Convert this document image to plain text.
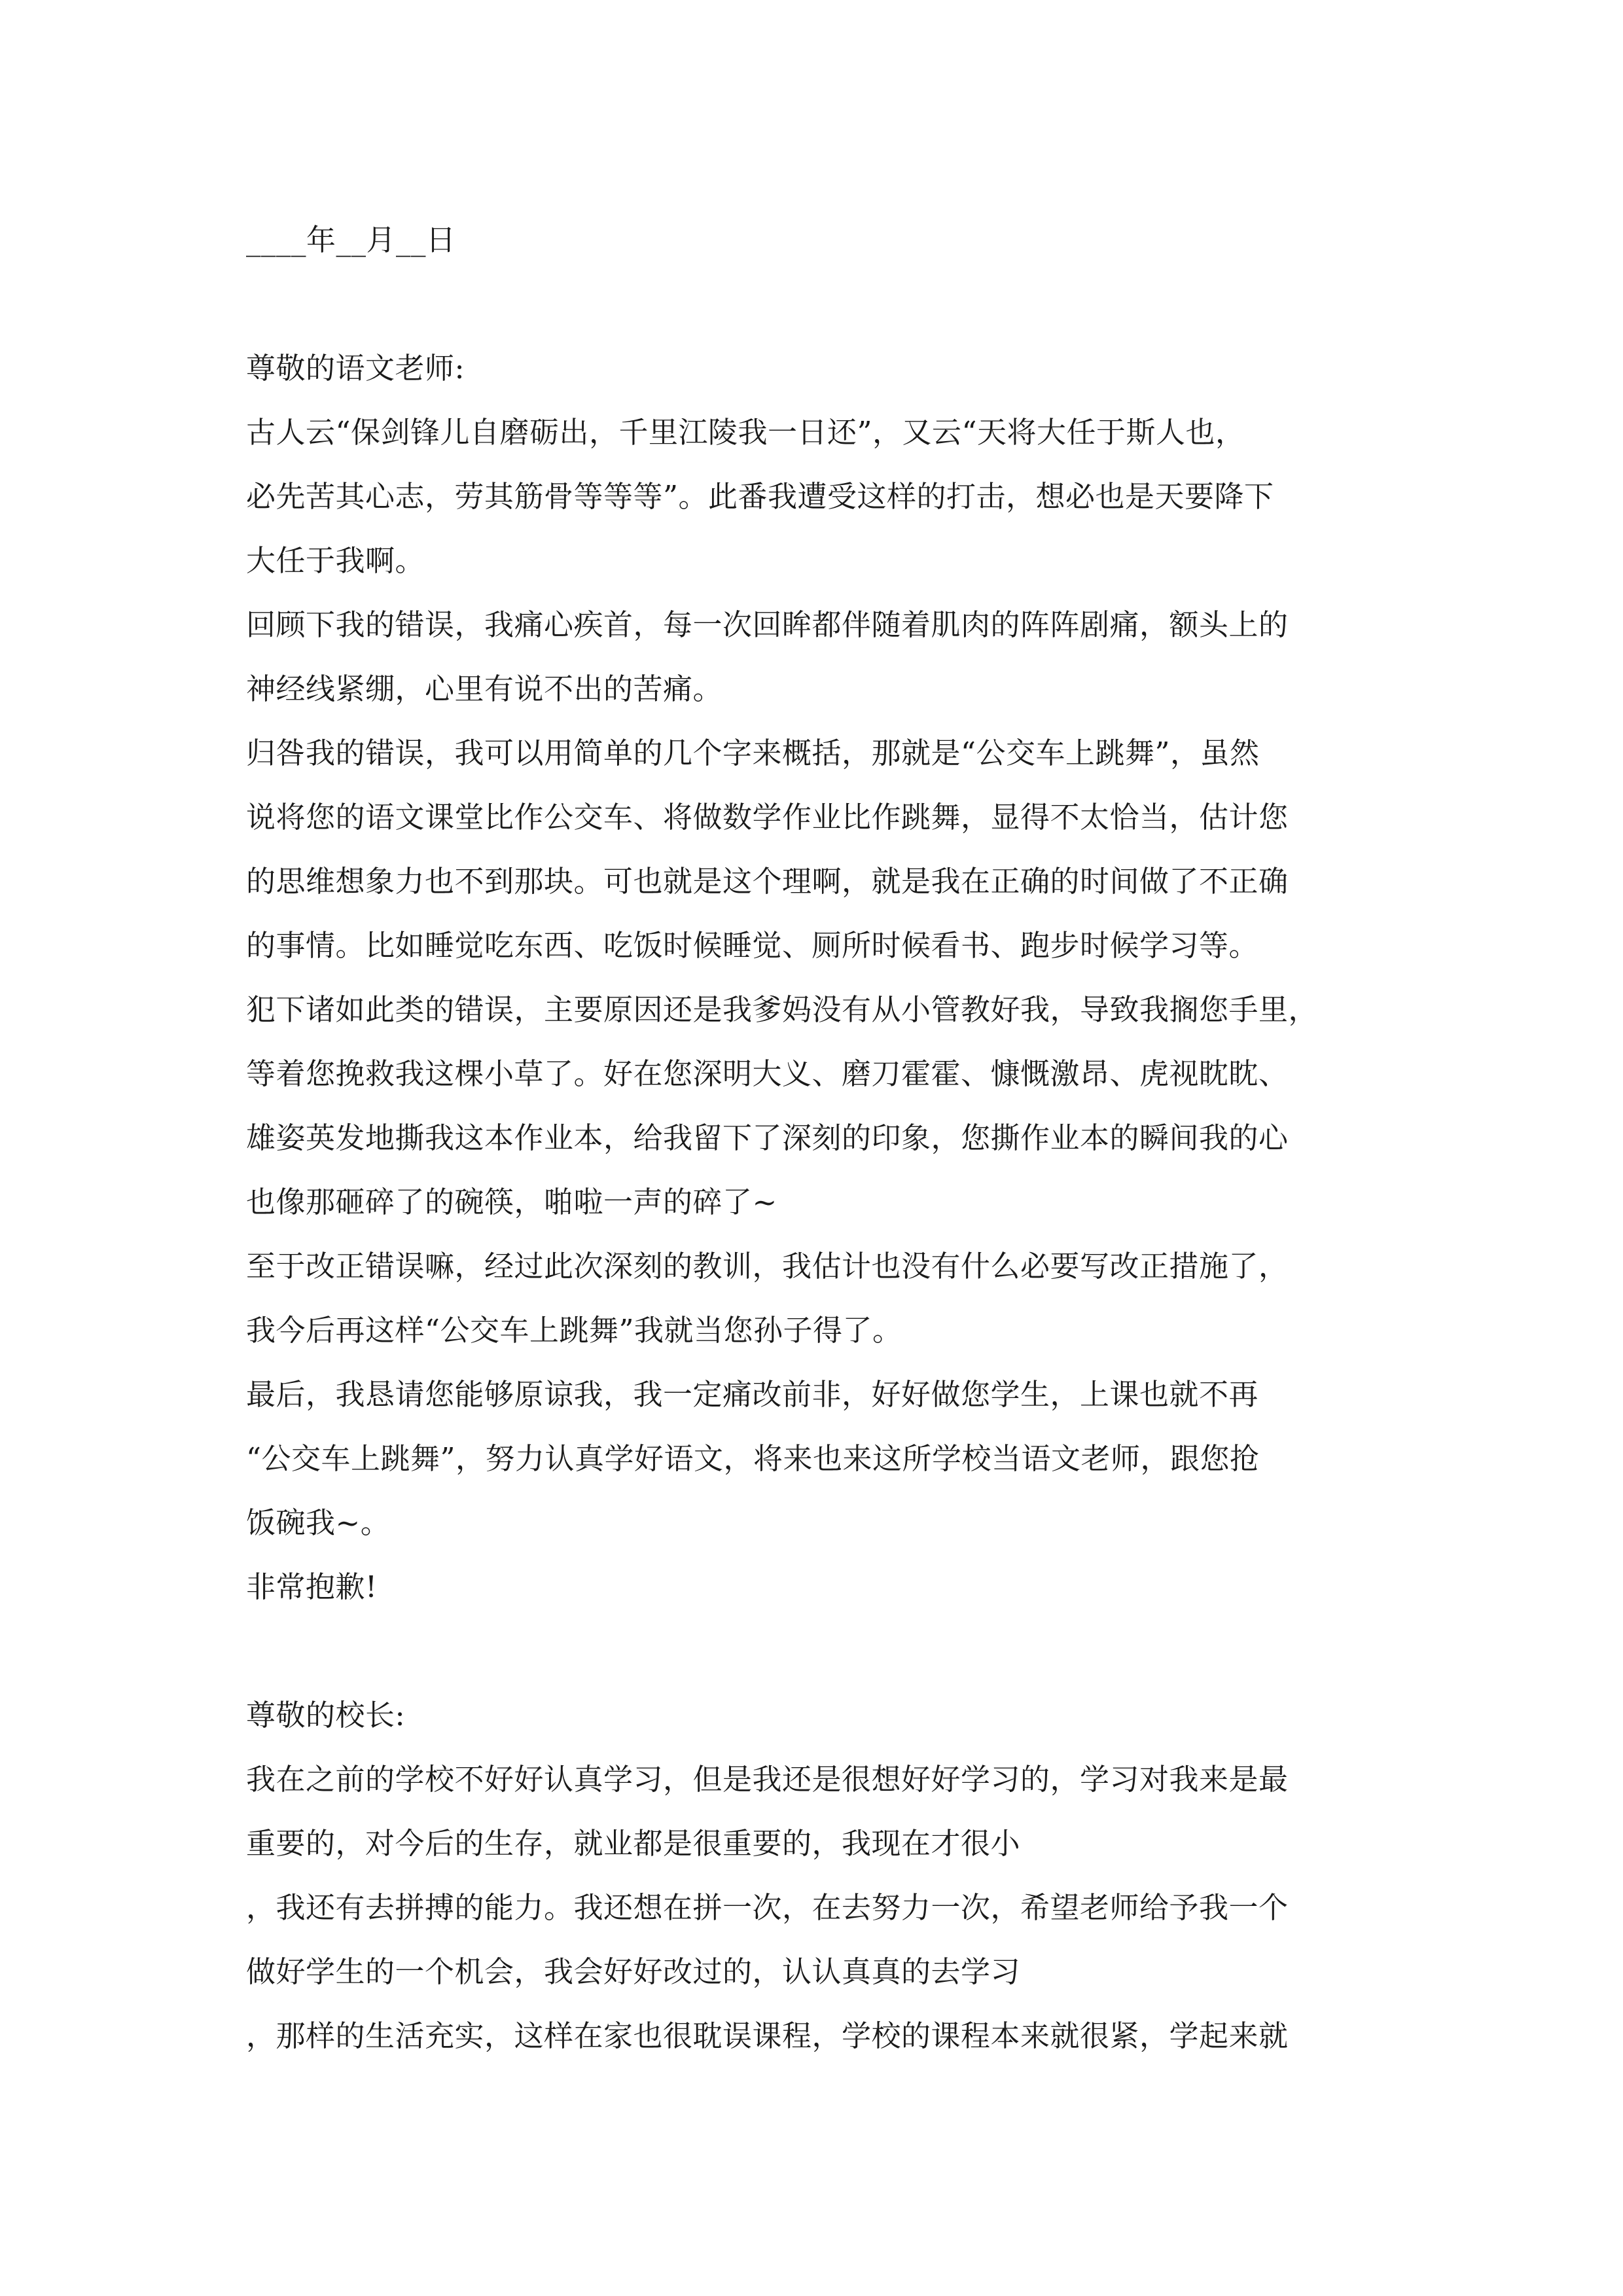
____年__月__日
尊敬的语文老师:
古人云“保剑锋儿自磨砺出，千里江陵我一日还”，又云“天将大任于斯人也，
必先苦其心志，劳其筋骨等等等”。此番我遭受这样的打击，想必也是天要降下
大任于我啊。
回顾下我的错误，我痛心疾首，每一次回眸都伴随着肌肉的阵阵剧痛，额头上的
神经线紧绷，心里有说不出的苦痛。
归咎我的错误，我可以用简单的几个字来概括，那就是“公交车上跳舞”，虽然
说将您的语文课堂比作公交车、将做数学作业比作跳舞，显得不太恰当，估计您
的思维想象力也不到那块。可也就是这个理啊，就是我在正确的时间做了不正确
的事情。比如睡觉吃东西、吃饭时候睡觉、厕所时候看书、跑步时候学习等。
犯下诸如此类的错误，主要原因还是我爹妈没有从小管教好我，导致我搁您手里，
等着您挽救我这棵小草了。好在您深明大义、磨刀霍霍、慷慨激昂、虎视眈眈、
雄姿英发地撕我这本作业本，给我留下了深刻的印象，您撕作业本的瞬间我的心
也像那砸碎了的碗筷，啪啦一声的碎了~
至于改正错误嘛，经过此次深刻的教训，我估计也没有什么必要写改正措施了，
我今后再这样“公交车上跳舞”我就当您孙子得了。
最后，我恳请您能够原谅我，我一定痛改前非，好好做您学生，上课也就不再
“公交车上跳舞”，努力认真学好语文，将来也来这所学校当语文老师，跟您抢
饭碗我~。
非常抱歉!
尊敬的校长:
我在之前的学校不好好认真学习，但是我还是很想好好学习的，学习对我来是最
重要的，对今后的生存，就业都是很重要的，我现在才很小
，我还有去拼搏的能力。我还想在拼一次，在去努力一次，希望老师给予我一个
做好学生的一个机会，我会好好改过的，认认真真的去学习
，那样的生活充实，这样在家也很耽误课程，学校的课程本来就很紧，学起来就
